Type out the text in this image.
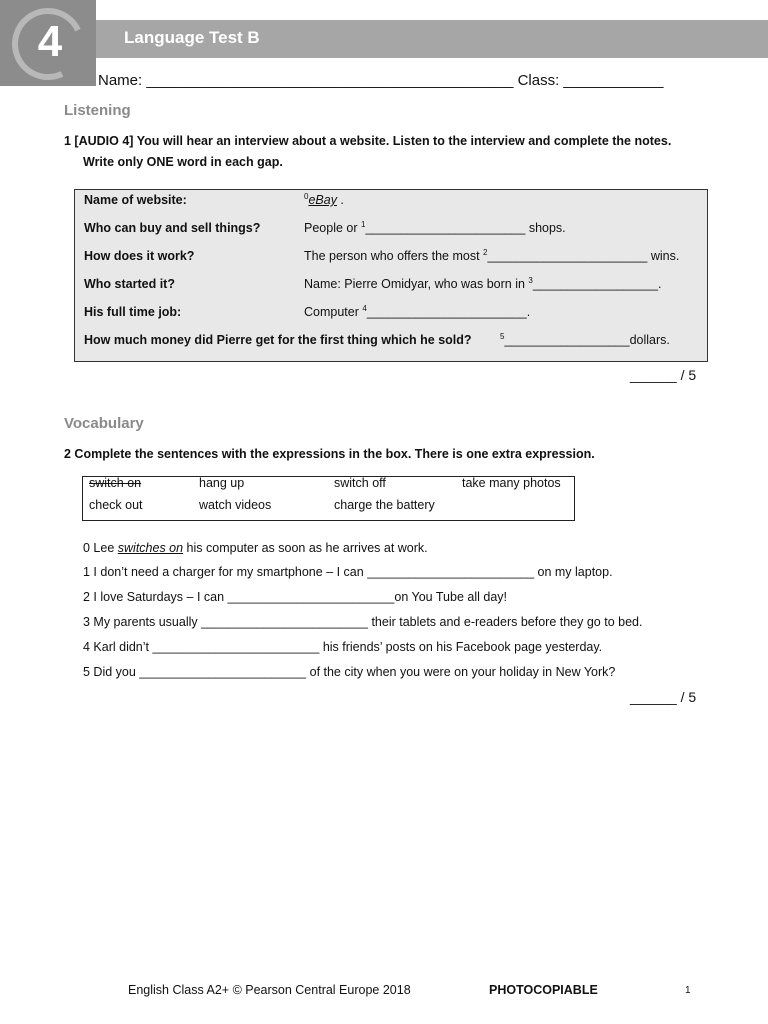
4	Language Test B
Name: ____________________________________________ Class: ____________
Listening
1 [AUDIO 4] You will hear an interview about a website. Listen to the interview and complete the notes.
Write only ONE word in each gap.
Name of website:	$^0$eBay .
Who can buy and sell things?	People or $^1$_______________________ shops.
How does it work?	The person who offers the most $^2$_______________________ wins.
Who started it?	Name: Pierre Omidyar, who was born in $^3$__________________.
His full time job:	Computer $^4$_______________________.
How much money did Pierre get for the first thing which he sold?	$^5$__________________dollars.
______ / 5
Vocabulary
2 Complete the sentences with the expressions in the box. There is one extra expression.
switch on	hang up	switch off	take many photos
check out	watch videos	charge the battery
0 Lee switches on his computer as soon as he arrives at work.
1 I don’t need a charger for my smartphone – I can ________________________ on my laptop.
2 I love Saturdays – I can ________________________on You Tube all day!
3 My parents usually ________________________ their tablets and e-readers before they go to bed.
4 Karl didn’t ________________________ his friends’ posts on his Facebook page yesterday.
5 Did you ________________________ of the city when you were on your holiday in New York?
______ / 5
English Class A2+ © Pearson Central Europe 2018	PHOTOCOPIABLE	1
